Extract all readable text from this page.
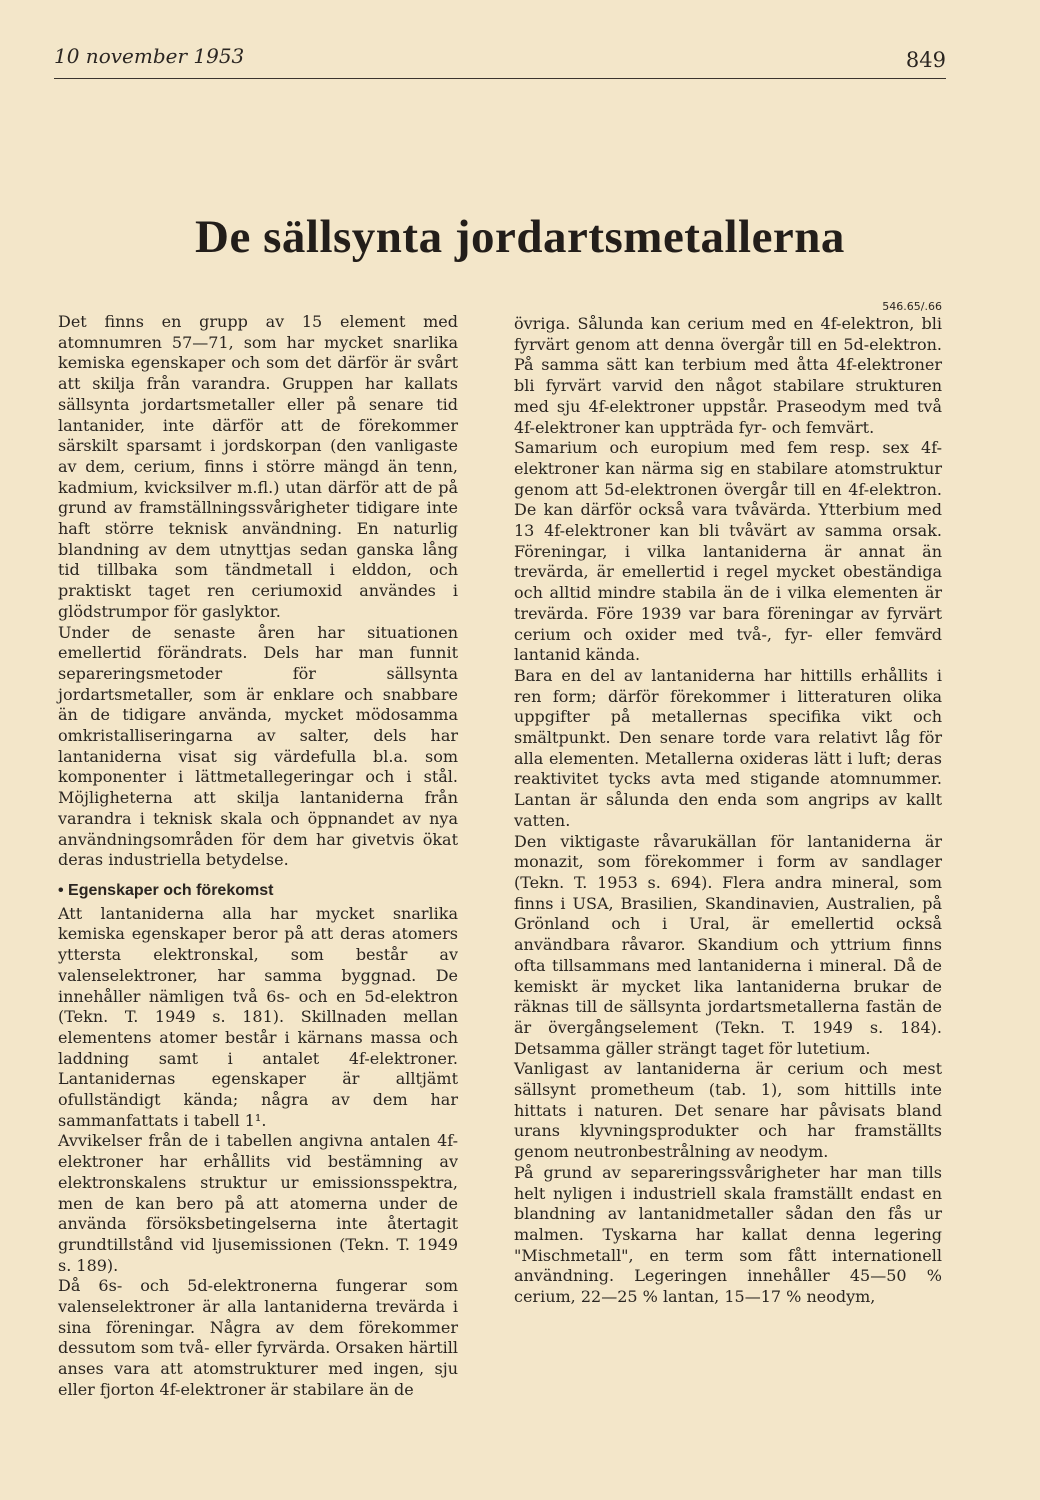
10 november 1953	849
De sällsynta jordartsmetallerna

Det finns en grupp av 15 element med atomnumren 57—71, som har mycket snarlika kemiska egenskaper och som det därför är svårt att skilja från varandra. Gruppen har kallats sällsynta jordartsmetaller eller på senare tid lantanider, inte därför att de förekommer särskilt sparsamt i jordskorpan (den vanligaste av dem, cerium, finns i större mängd än tenn, kadmium, kvicksilver m.fl.) utan därför att de på grund av framställningssvårigheter tidigare inte haft större teknisk användning. En naturlig blandning av dem utnyttjas sedan ganska lång tid tillbaka som tändmetall i elddon, och praktiskt taget ren ceriumoxid användes i glödstrumpor för gaslyktor.

Under de senaste åren har situationen emellertid förändrats. Dels har man funnit separeringsmetoder för sällsynta jordartsmetaller, som är enklare och snabbare än de tidigare använda, mycket mödosamma omkristalliseringarna av salter, dels har lantaniderna visat sig värdefulla bl.a. som komponenter i lättmetallegeringar och i stål. Möjligheterna att skilja lantaniderna från varandra i teknisk skala och öppnandet av nya användningsområden för dem har givetvis ökat deras industriella betydelse.

• Egenskaper och förekomst

Att lantaniderna alla har mycket snarlika kemiska egenskaper beror på att deras atomers yttersta elektronskal, som består av valenselektroner, har samma byggnad. De innehåller nämligen två 6s- och en 5d-elektron (Tekn. T. 1949 s. 181). Skillnaden mellan elementens atomer består i kärnans massa och laddning samt i antalet 4f-elektroner. Lantanidernas egenskaper är alltjämt ofullständigt kända; några av dem har sammanfattats i tabell 1¹.

Avvikelser från de i tabellen angivna antalen 4f-elektroner har erhållits vid bestämning av elektronskalens struktur ur emissionsspektra, men de kan bero på att atomerna under de använda försöksbetingelserna inte återtagit grundtillstånd vid ljusemissionen (Tekn. T. 1949 s. 189).

Då 6s- och 5d-elektronerna fungerar som valenselektroner är alla lantaniderna trevärda i sina föreningar. Några av dem förekommer dessutom som två- eller fyrvärda. Orsaken härtill anses vara att atomstrukturer med ingen, sju eller fjorton 4f-elektroner är stabilare än de

546.65/.66

övriga. Sålunda kan cerium med en 4f-elektron, bli fyrvärt genom att denna övergår till en 5d-elektron. På samma sätt kan terbium med åtta 4f-elektroner bli fyrvärt varvid den något stabilare strukturen med sju 4f-elektroner uppstår. Praseodym med två 4f-elektroner kan uppträda fyr- och femvärt.

Samarium och europium med fem resp. sex 4f-elektroner kan närma sig en stabilare atomstruktur genom att 5d-elektronen övergår till en 4f-elektron. De kan därför också vara tvåvärda. Ytterbium med 13 4f-elektroner kan bli tvåvärt av samma orsak. Föreningar, i vilka lantaniderna är annat än trevärda, är emellertid i regel mycket obeständiga och alltid mindre stabila än de i vilka elementen är trevärda. Före 1939 var bara föreningar av fyrvärt cerium och oxider med två-, fyr- eller femvärd lantanid kända.

Bara en del av lantaniderna har hittills erhållits i ren form; därför förekommer i litteraturen olika uppgifter på metallernas specifika vikt och smältpunkt. Den senare torde vara relativt låg för alla elementen. Metallerna oxideras lätt i luft; deras reaktivitet tycks avta med stigande atomnummer. Lantan är sålunda den enda som angrips av kallt vatten.

Den viktigaste råvarukällan för lantaniderna är monazit, som förekommer i form av sandlager (Tekn. T. 1953 s. 694). Flera andra mineral, som finns i USA, Brasilien, Skandinavien, Australien, på Grönland och i Ural, är emellertid också användbara råvaror. Skandium och yttrium finns ofta tillsammans med lantaniderna i mineral. Då de kemiskt är mycket lika lantaniderna brukar de räknas till de sällsynta jordartsmetallerna fastän de är övergångselement (Tekn. T. 1949 s. 184). Detsamma gäller strängt taget för lutetium.

Vanligast av lantaniderna är cerium och mest sällsynt prometheum (tab. 1), som hittills inte hittats i naturen. Det senare har påvisats bland urans klyvningsprodukter och har framställts genom neutronbestrålning av neodym.

På grund av separeringssvårigheter har man tills helt nyligen i industriell skala framställt endast en blandning av lantanidmetaller sådan den fås ur malmen. Tyskarna har kallat denna legering "Mischmetall", en term som fått internationell användning. Legeringen innehåller 45—50 % cerium, 22—25 % lantan, 15—17 % neodym,
